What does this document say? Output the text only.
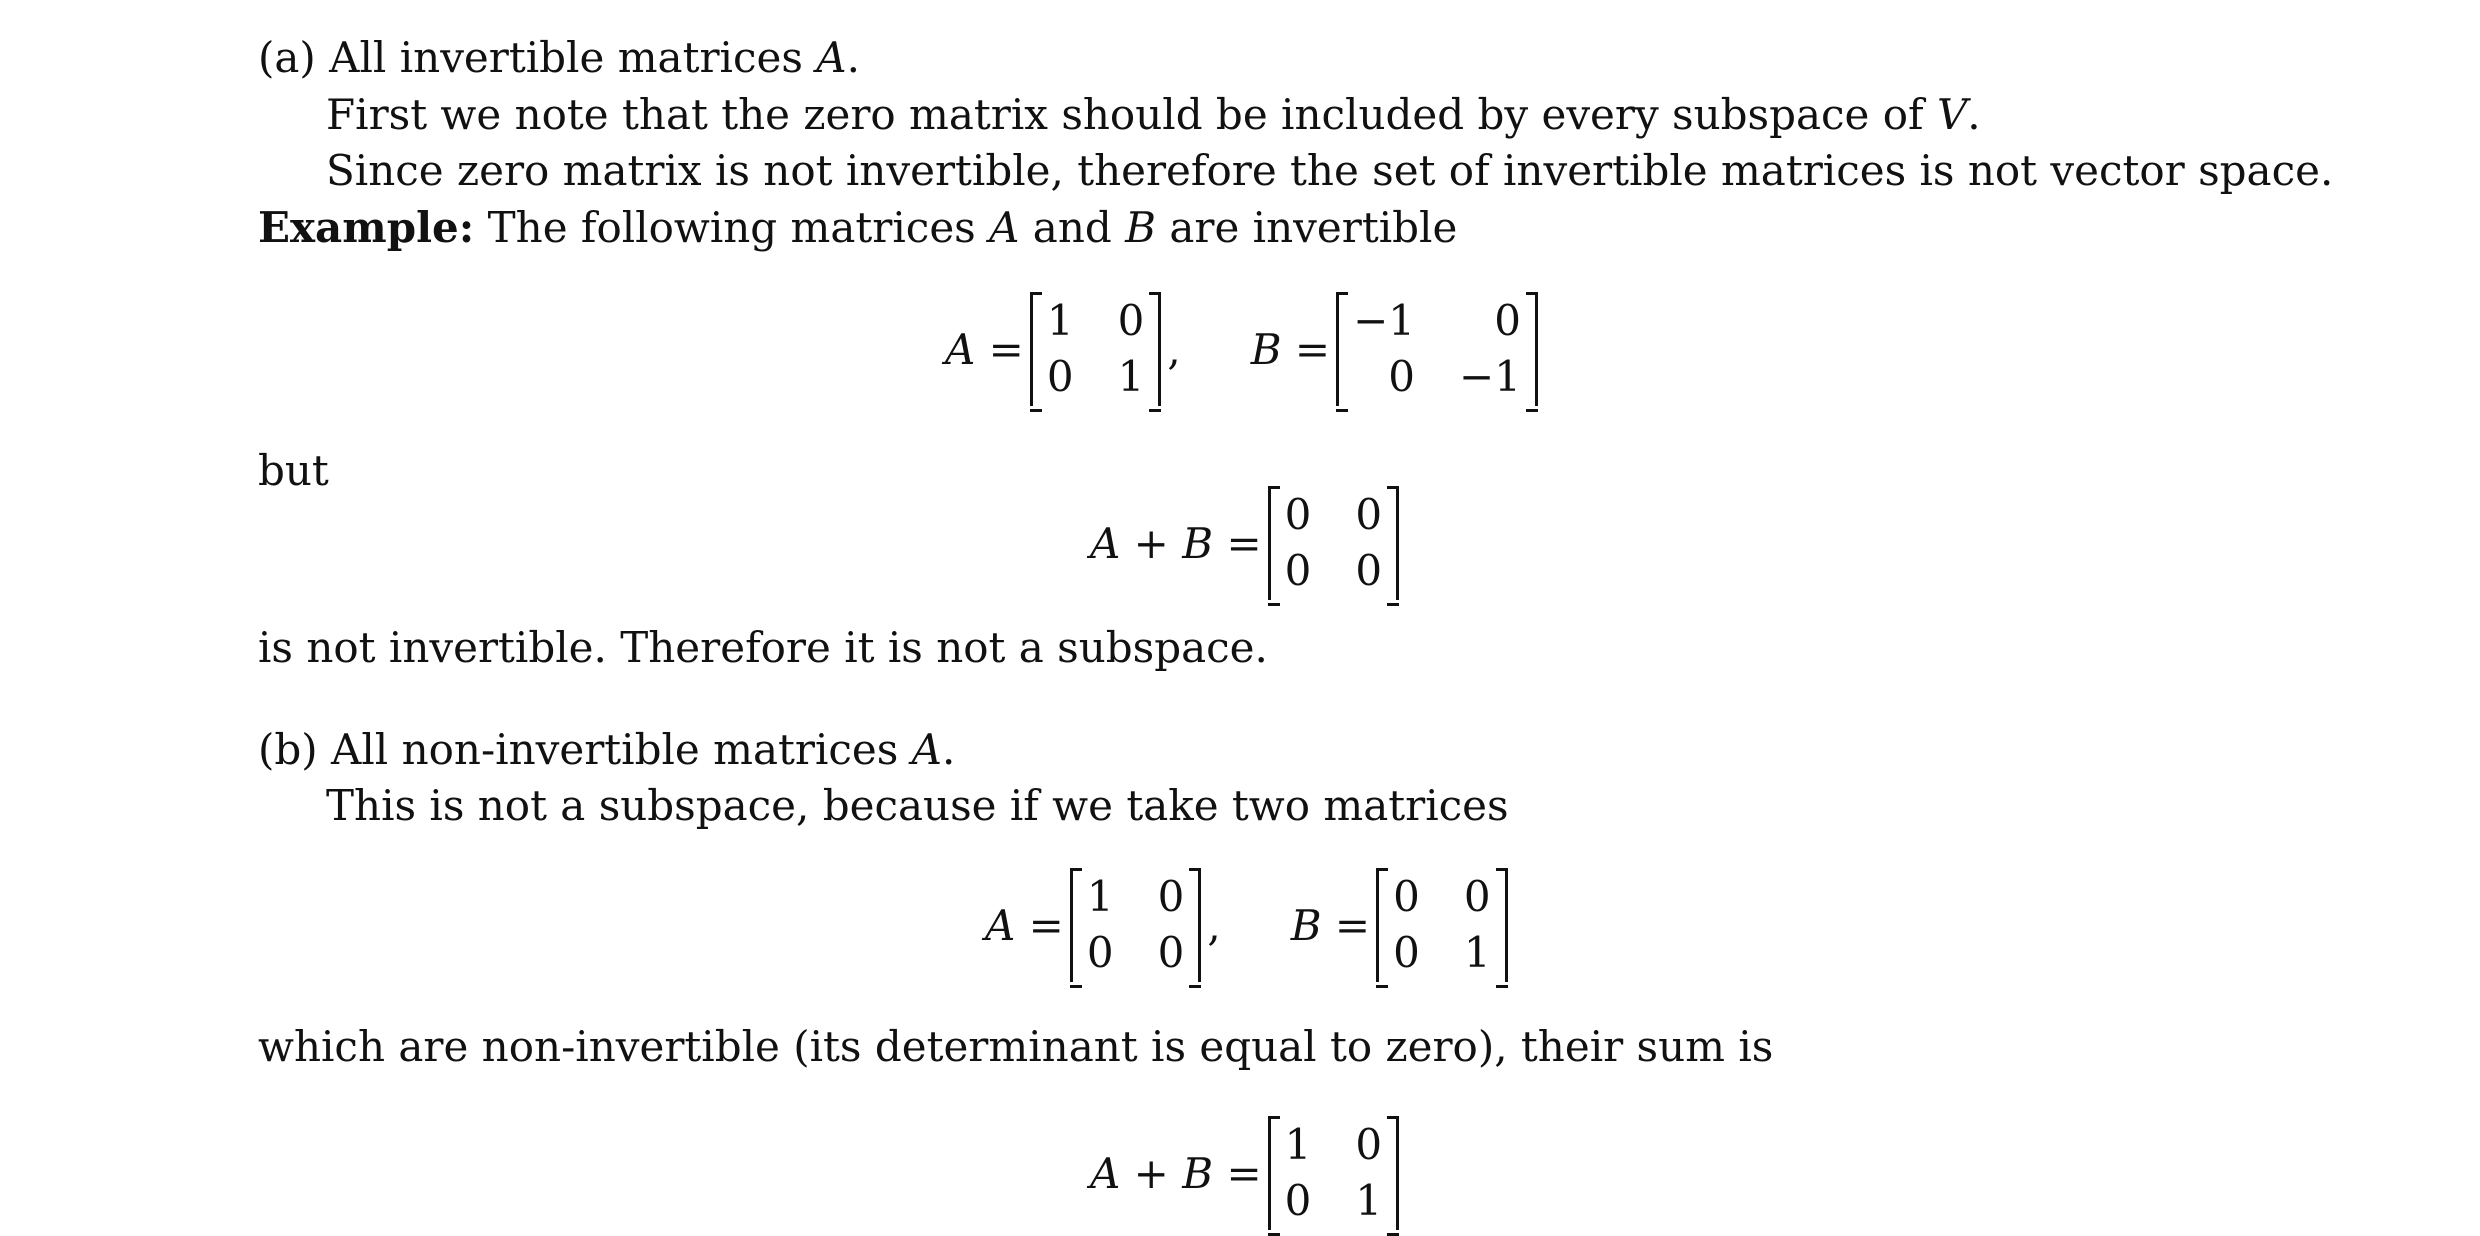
(a) All invertible matrices A.
First we note that the zero matrix should be included by every subspace of V.
Since zero matrix is not invertible, therefore the set of invertible matrices is not vector space.
Example: The following matrices A and B are invertible
A =
1 0
0 1
, B =
−1	0
0 −1
but
A + B =
0 0
0 0
is not invertible. Therefore it is not a subspace.
(b) All non-invertible matrices A.
This is not a subspace, because if we take two matrices
A =
1 0
0 0
, B =
0 0
0 1
which are non-invertible (its determinant is equal to zero), their sum is
A + B =
1 0
0 1
